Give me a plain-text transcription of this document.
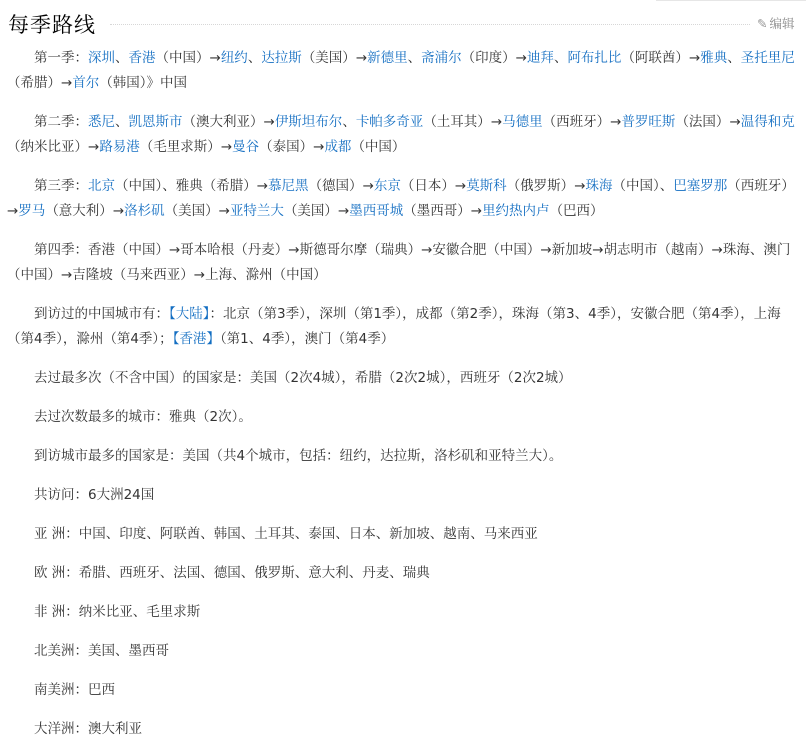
每季路线	✎ 编辑

第一季：深圳、香港（中国）→纽约、达拉斯（美国）→新德里、斋浦尔（印度）→迪拜、阿布扎比（阿联酋）→雅典、圣托里尼（希腊）→首尔（韩国）》中国

第二季：悉尼、凯恩斯市（澳大利亚）→伊斯坦布尔、卡帕多奇亚（土耳其）→马德里（西班牙）→普罗旺斯（法国）→温得和克（纳米比亚）→路易港（毛里求斯）→曼谷（泰国）→成都（中国）

第三季：北京（中国）、雅典（希腊）→慕尼黑（德国）→东京（日本）→莫斯科（俄罗斯）→珠海（中国）、巴塞罗那（西班牙）→罗马（意大利）→洛杉矶（美国）→亚特兰大（美国）→墨西哥城（墨西哥）→里约热内卢（巴西）

第四季：香港（中国）→哥本哈根（丹麦）→斯德哥尔摩（瑞典）→安徽合肥（中国）→新加坡→胡志明市（越南）→珠海、澳门（中国）→吉隆坡（马来西亚）→上海、滁州（中国）

到访过的中国城市有：【大陆】：北京（第3季），深圳（第1季），成都（第2季），珠海（第3、4季），安徽合肥（第4季），上海（第4季），滁州（第4季）；【香港】（第1、4季），澳门（第4季）

去过最多次（不含中国）的国家是：美国（2次4城），希腊（2次2城），西班牙（2次2城）

去过次数最多的城市：雅典（2次）。

到访城市最多的国家是：美国（共4个城市，包括：纽约，达拉斯，洛杉矶和亚特兰大）。

共访问：6大洲24国

亚 洲：中国、印度、阿联酋、韩国、土耳其、泰国、日本、新加坡、越南、马来西亚

欧 洲：希腊、西班牙、法国、德国、俄罗斯、意大利、丹麦、瑞典

非 洲：纳米比亚、毛里求斯

北美洲：美国、墨西哥

南美洲：巴西

大洋洲：澳大利亚
